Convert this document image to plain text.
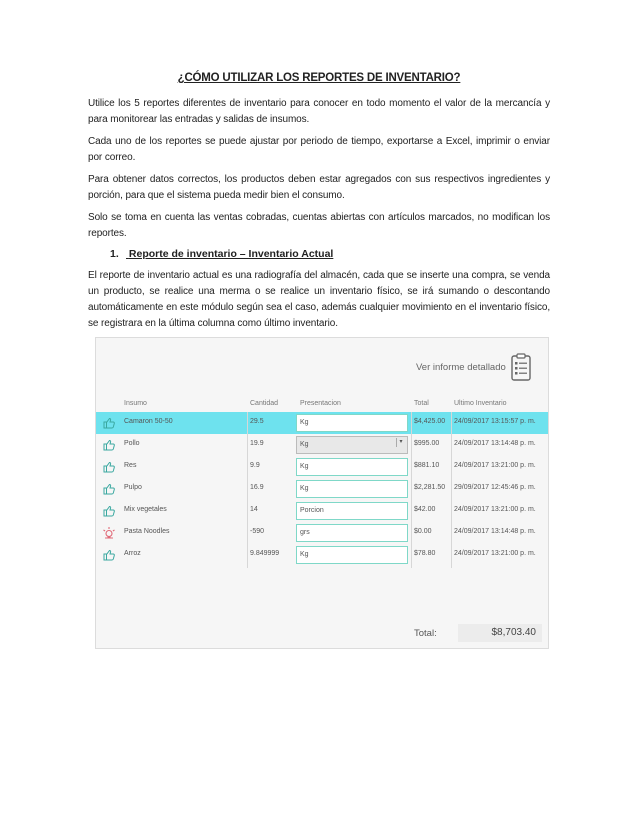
¿CÓMO UTILIZAR LOS REPORTES DE INVENTARIO?

Utilice los 5 reportes diferentes de inventario para conocer en todo momento el valor de la mercancía y para monitorear las entradas y salidas de insumos.

Cada uno de los reportes se puede ajustar por periodo de tiempo, exportarse a Excel, imprimir o enviar por correo.

Para obtener datos correctos, los productos deben estar agregados con sus respectivos ingredientes y porción, para que el sistema pueda medir bien el consumo.

Solo se toma en cuenta las ventas cobradas, cuentas abiertas con artículos marcados, no modifican los reportes.

1. Reporte de inventario – Inventario Actual

El reporte de inventario actual es una radiografía del almacén, cada que se inserte una compra, se venda un producto, se realice una merma o se realice un inventario físico, se irá sumando o descontando automáticamente en este módulo según sea el caso, además cualquier movimiento en el inventario físico, se registrara en la última columna como último inventario.

Ver informe detallado
Insumo	Cantidad	Presentacion	Total	Ultimo Inventario
Camaron 50-50	29.5	Kg	$4,425.00 24/09/2017 13:15:57 p. m.
Pollo	19.9	Kg	▾	$995.00 24/09/2017 13:14:48 p. m.
Res	9.9	Kg	$881.10 24/09/2017 13:21:00 p. m.
Pulpo	16.9	Kg	$2,281.50 29/09/2017 12:45:46 p. m.
Mix vegetales	14	Porcion	$42.00	24/09/2017 13:21:00 p. m.
Pasta Noodles	-590	grs	$0.00	24/09/2017 13:14:48 p. m.
Arroz	9.849999	Kg	$78.80	24/09/2017 13:21:00 p. m.
Total:	$8,703.40
